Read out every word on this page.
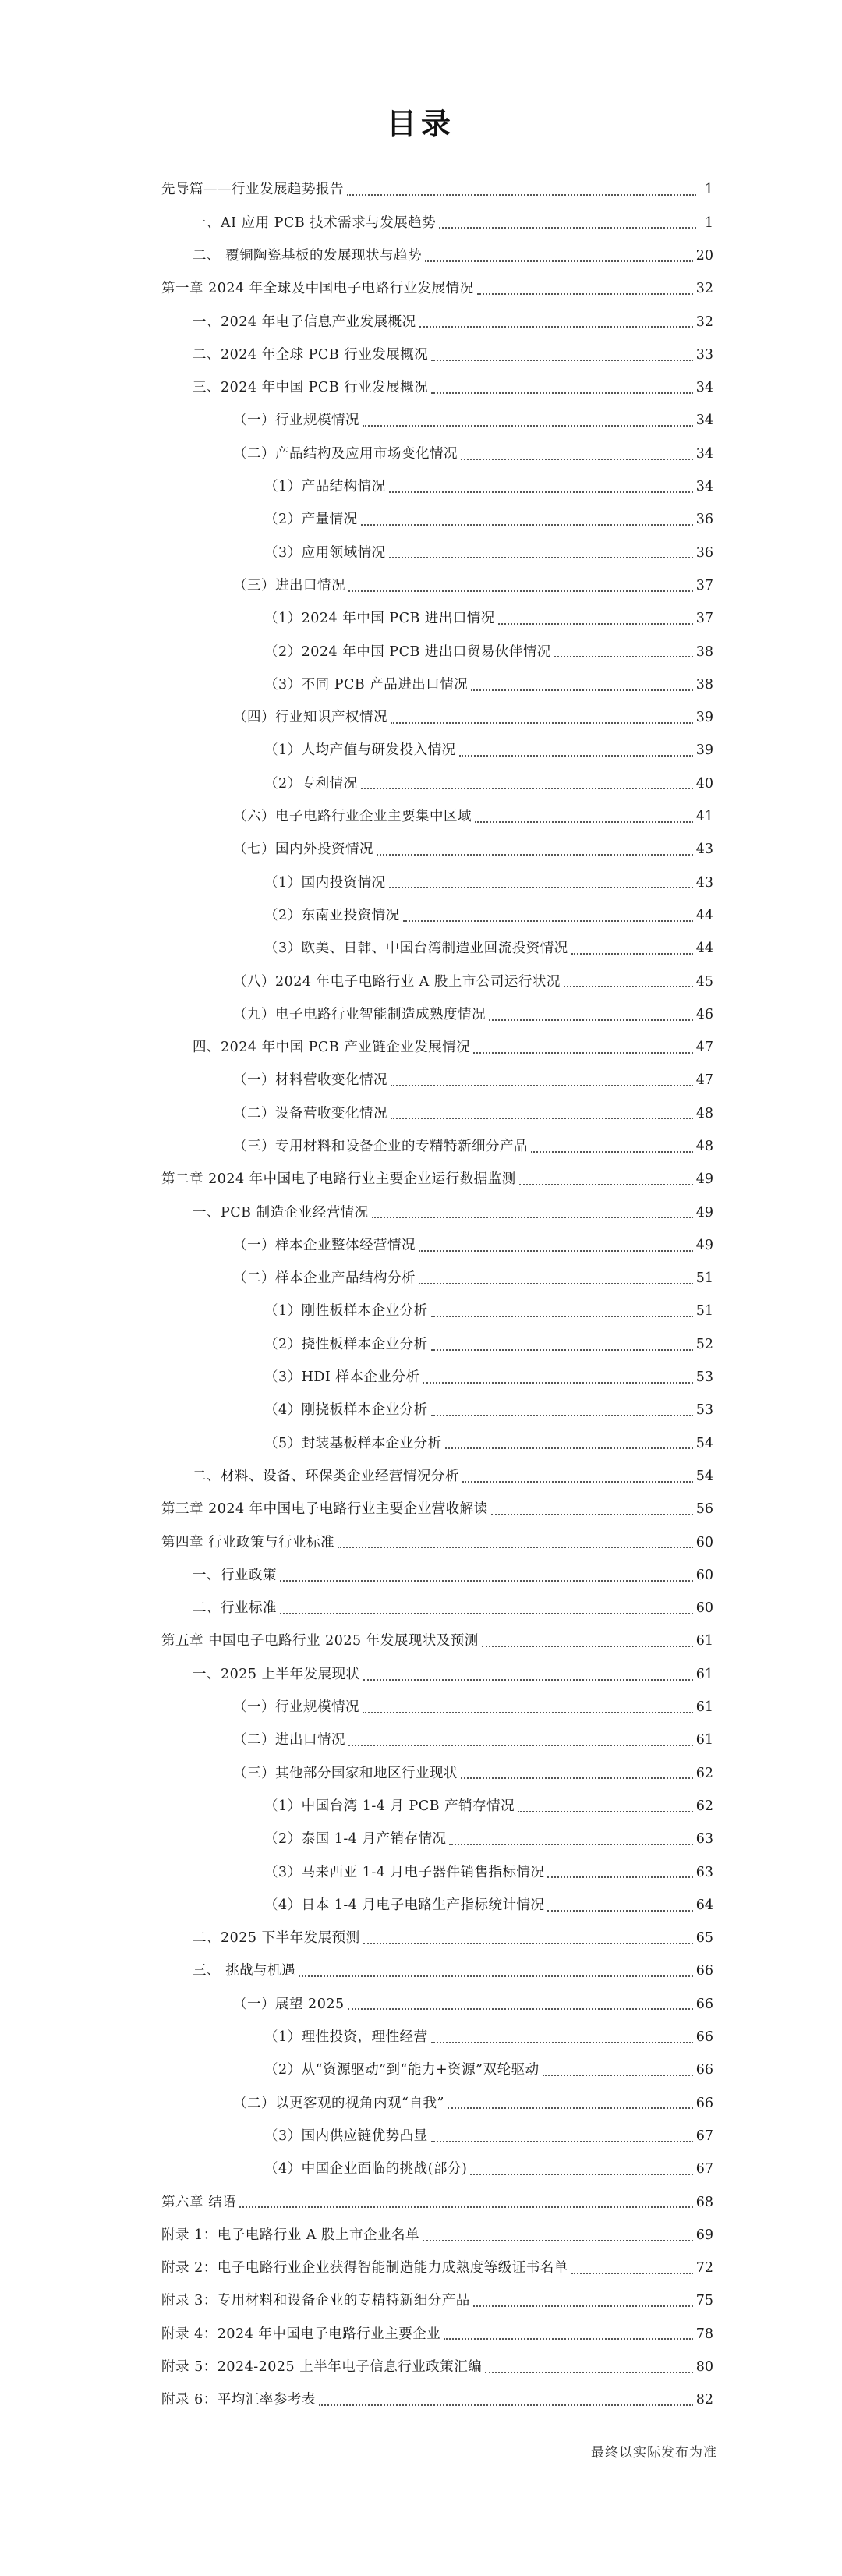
目录
先导篇——行业发展趋势报告	1
一、AI 应用 PCB 技术需求与发展趋势	1
二、 覆铜陶瓷基板的发展现状与趋势	20
第一章 2024 年全球及中国电子电路行业发展情况	32
一、2024 年电子信息产业发展概况	32
二、2024 年全球 PCB 行业发展概况	33
三、2024 年中国 PCB 行业发展概况	34
（一）行业规模情况	34
（二）产品结构及应用市场变化情况	34
（1）产品结构情况	34
（2）产量情况	36
（3）应用领域情况	36
（三）进出口情况	37
（1）2024 年中国 PCB 进出口情况	37
（2）2024 年中国 PCB 进出口贸易伙伴情况	38
（3）不同 PCB 产品进出口情况	38
（四）行业知识产权情况	39
（1）人均产值与研发投入情况	39
（2）专利情况	40
（六）电子电路行业企业主要集中区域	41
（七）国内外投资情况	43
（1）国内投资情况	43
（2）东南亚投资情况	44
（3）欧美、日韩、中国台湾制造业回流投资情况	44
（八）2024 年电子电路行业 A 股上市公司运行状况	45
（九）电子电路行业智能制造成熟度情况	46
四、2024 年中国 PCB 产业链企业发展情况	47
（一）材料营收变化情况	47
（二）设备营收变化情况	48
（三）专用材料和设备企业的专精特新细分产品	48
第二章 2024 年中国电子电路行业主要企业运行数据监测	49
一、PCB 制造企业经营情况	49
（一）样本企业整体经营情况	49
（二）样本企业产品结构分析	51
（1）刚性板样本企业分析	51
（2）挠性板样本企业分析	52
（3）HDI 样本企业分析	53
（4）刚挠板样本企业分析	53
（5）封装基板样本企业分析	54
二、材料、设备、环保类企业经营情况分析	54
第三章 2024 年中国电子电路行业主要企业营收解读	56
第四章 行业政策与行业标准	60
一、行业政策	60
二、行业标准	60
第五章 中国电子电路行业 2025 年发展现状及预测	61
一、2025 上半年发展现状	61
（一）行业规模情况	61
（二）进出口情况	61
（三）其他部分国家和地区行业现状	62
（1）中国台湾 1-4 月 PCB 产销存情况	62
（2）泰国 1-4 月产销存情况	63
（3）马来西亚 1-4 月电子器件销售指标情况	63
（4）日本 1-4 月电子电路生产指标统计情况	64
二、2025 下半年发展预测	65
三、 挑战与机遇	66
（一）展望 2025	66
（1）理性投资，理性经营	66
（2）从“资源驱动”到“能力+资源”双轮驱动	66
（二）以更客观的视角内观“自我”	66
（3）国内供应链优势凸显	67
（4）中国企业面临的挑战(部分)	67
第六章 结语	68
附录 1：电子电路行业 A 股上市企业名单	69
附录 2：电子电路行业企业获得智能制造能力成熟度等级证书名单	72
附录 3：专用材料和设备企业的专精特新细分产品	75
附录 4：2024 年中国电子电路行业主要企业	78
附录 5：2024-2025 上半年电子信息行业政策汇编	80
附录 6：平均汇率参考表	82
最终以实际发布为准
